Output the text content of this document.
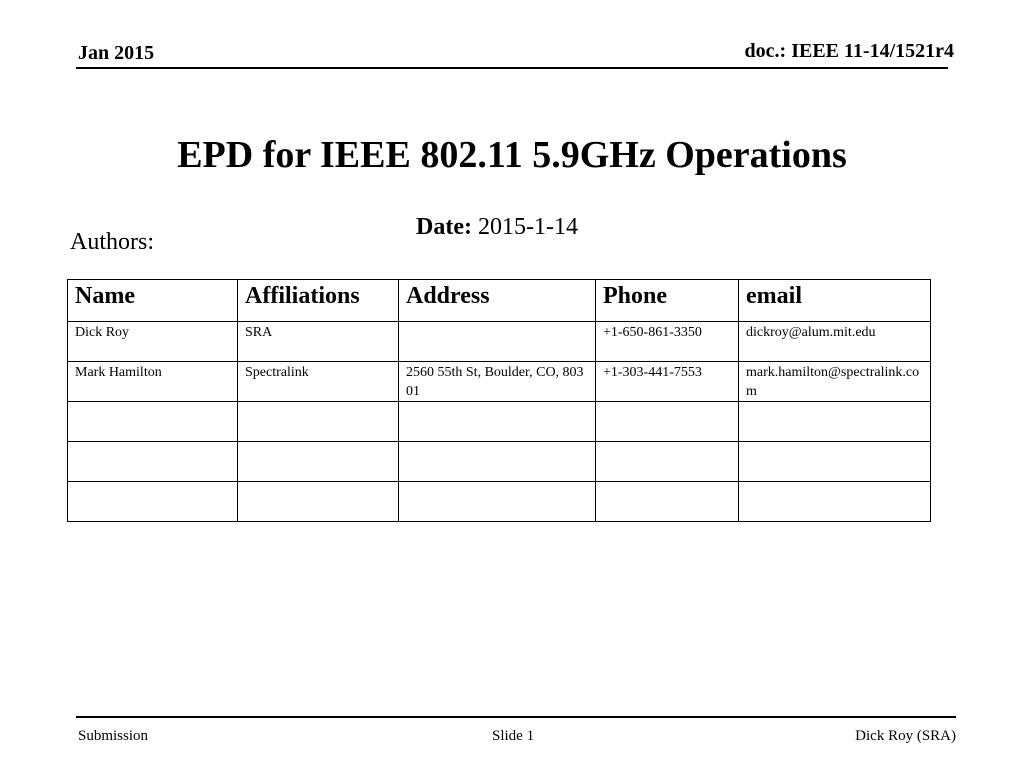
Jan 2015	doc.: IEEE 11-14/1521r4
EPD for IEEE 802.11 5.9GHz Operations
Date: 2015-1-14
Authors:
Name	Affiliations	Address	Phone	email
Dick Roy	SRA		+1-650-861-3350	dickroy@alum.mit.edu
Mark Hamilton	Spectralink	2560 55th St, Boulder, CO, 80301	+1-303-441-7553	mark.hamilton@spectralink.com

Submission	Slide 1	Dick Roy (SRA)
